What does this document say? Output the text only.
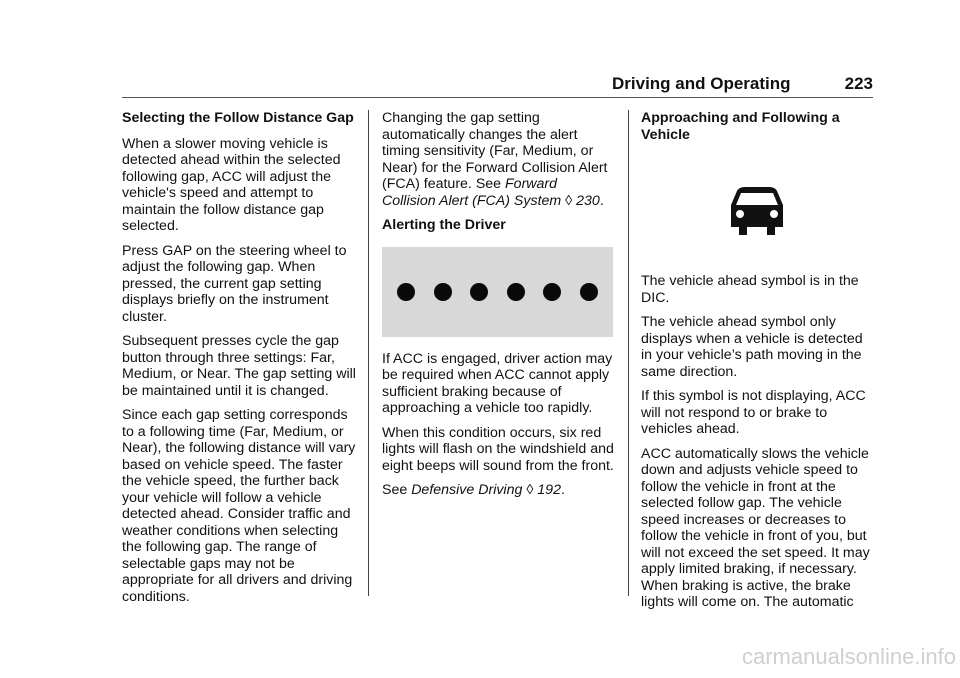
Driving and Operating	223
Selecting the Follow Distance Gap

When a slower moving vehicle is detected ahead within the selected following gap, ACC will adjust the vehicle's speed and attempt to maintain the follow distance gap selected.

Press GAP on the steering wheel to adjust the following gap. When pressed, the current gap setting displays briefly on the instrument cluster.

Subsequent presses cycle the gap button through three settings: Far, Medium, or Near. The gap setting will be maintained until it is changed.

Since each gap setting corresponds to a following time (Far, Medium, or Near), the following distance will vary based on vehicle speed. The faster the vehicle speed, the further back your vehicle will follow a vehicle detected ahead. Consider traffic and weather conditions when selecting the following gap. The range of selectable gaps may not be appropriate for all drivers and driving conditions.

Changing the gap setting automatically changes the alert timing sensitivity (Far, Medium, or Near) for the Forward Collision Alert (FCA) feature. See Forward Collision Alert (FCA) System ◊ 230.

Alerting the Driver

If ACC is engaged, driver action may be required when ACC cannot apply sufficient braking because of approaching a vehicle too rapidly.

When this condition occurs, six red lights will flash on the windshield and eight beeps will sound from the front.

See Defensive Driving ◊ 192.

Approaching and Following a Vehicle

The vehicle ahead symbol is in the DIC.

The vehicle ahead symbol only displays when a vehicle is detected in your vehicle’s path moving in the same direction.

If this symbol is not displaying, ACC will not respond to or brake to vehicles ahead.

ACC automatically slows the vehicle down and adjusts vehicle speed to follow the vehicle in front at the selected follow gap. The vehicle speed increases or decreases to follow the vehicle in front of you, but will not exceed the set speed. It may apply limited braking, if necessary. When braking is active, the brake lights will come on. The automatic

carmanualsonline.info
